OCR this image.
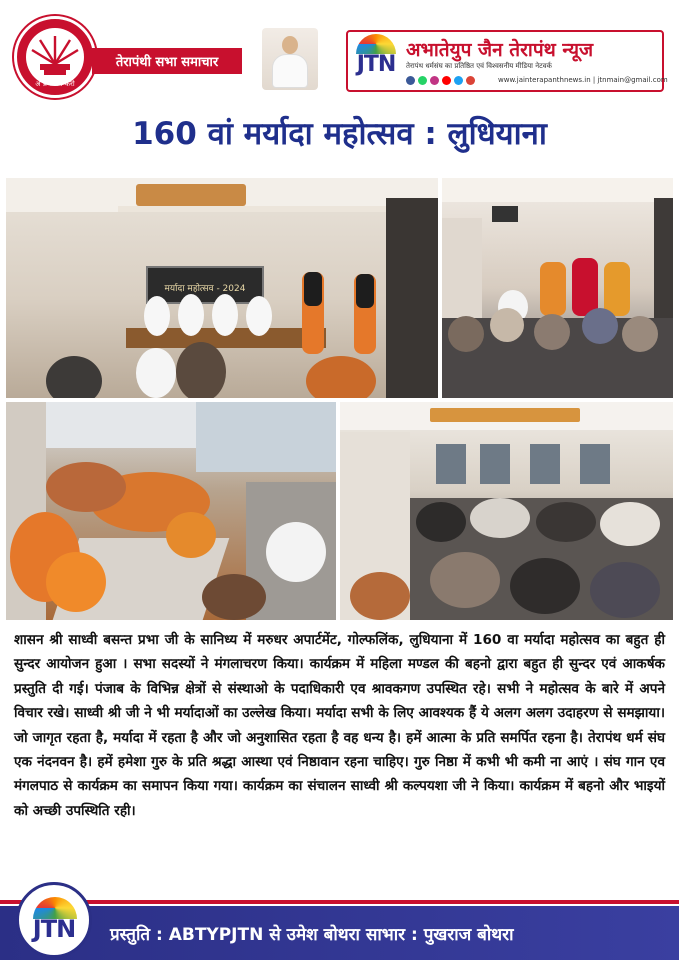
अ प्रभ पथ करो
तेरापंथी सभा समाचार	JTN
अभातेयुप जैन तेरापंथ न्यूज
तेरापंथ धर्मसंघ का प्रतिष्ठित एवं विश्वसनीय मीडिया नेटवर्क
www.jainterapanthnews.in | jtnmain@gmail.com
160 वां मर्यादा महोत्सव : लुधियाना
मर्यादा महोत्सव - 2024
शासन श्री साध्वी बसन्त प्रभा जी के सानिध्य में मरुधर अपार्टमेंट, गोल्फलिंक, लुधियाना में 160 वा मर्यादा महोत्सव का बहुत ही सुन्दर आयोजन हुआ । सभा सदस्यों ने मंगलाचरण किया। कार्यक्रम में महिला मण्डल की बहनो द्वारा बहुत ही सुन्दर एवं आकर्षक प्रस्तुति दी गई। पंजाब के विभिन्न क्षेत्रों से संस्थाओ के पदाधिकारी एव श्रावकगण उपस्थित रहे। सभी ने महोत्सव के बारे में अपने विचार रखे। साध्वी श्री जी ने भी मर्यादाओं का उल्लेख किया। मर्यादा सभी के लिए आवश्यक हैं ये अलग अलग उदाहरण से समझाया। जो जागृत रहता है, मर्यादा में रहता है और जो अनुशासित रहता है वह धन्य है। हमें आत्मा के प्रति समर्पित रहना है। तेरापंथ धर्म संघ एक नंदनवन है। हमें हमेशा गुरु के प्रति श्रद्धा आस्था एवं निष्ठावान रहना चाहिए। गुरु निष्ठा में कभी भी कमी ना आएं । संघ गान एव मंगलपाठ से कार्यक्रम का समापन किया गया। कार्यक्रम का संचालन साध्वी श्री कल्पयशा जी ने किया। कार्यक्रम में बहनो और भाइयों को अच्छी उपस्थिति रही।
JTN	प्रस्तुति : ABTYPJTN से उमेश बोथरा साभार : पुखराज बोथरा
